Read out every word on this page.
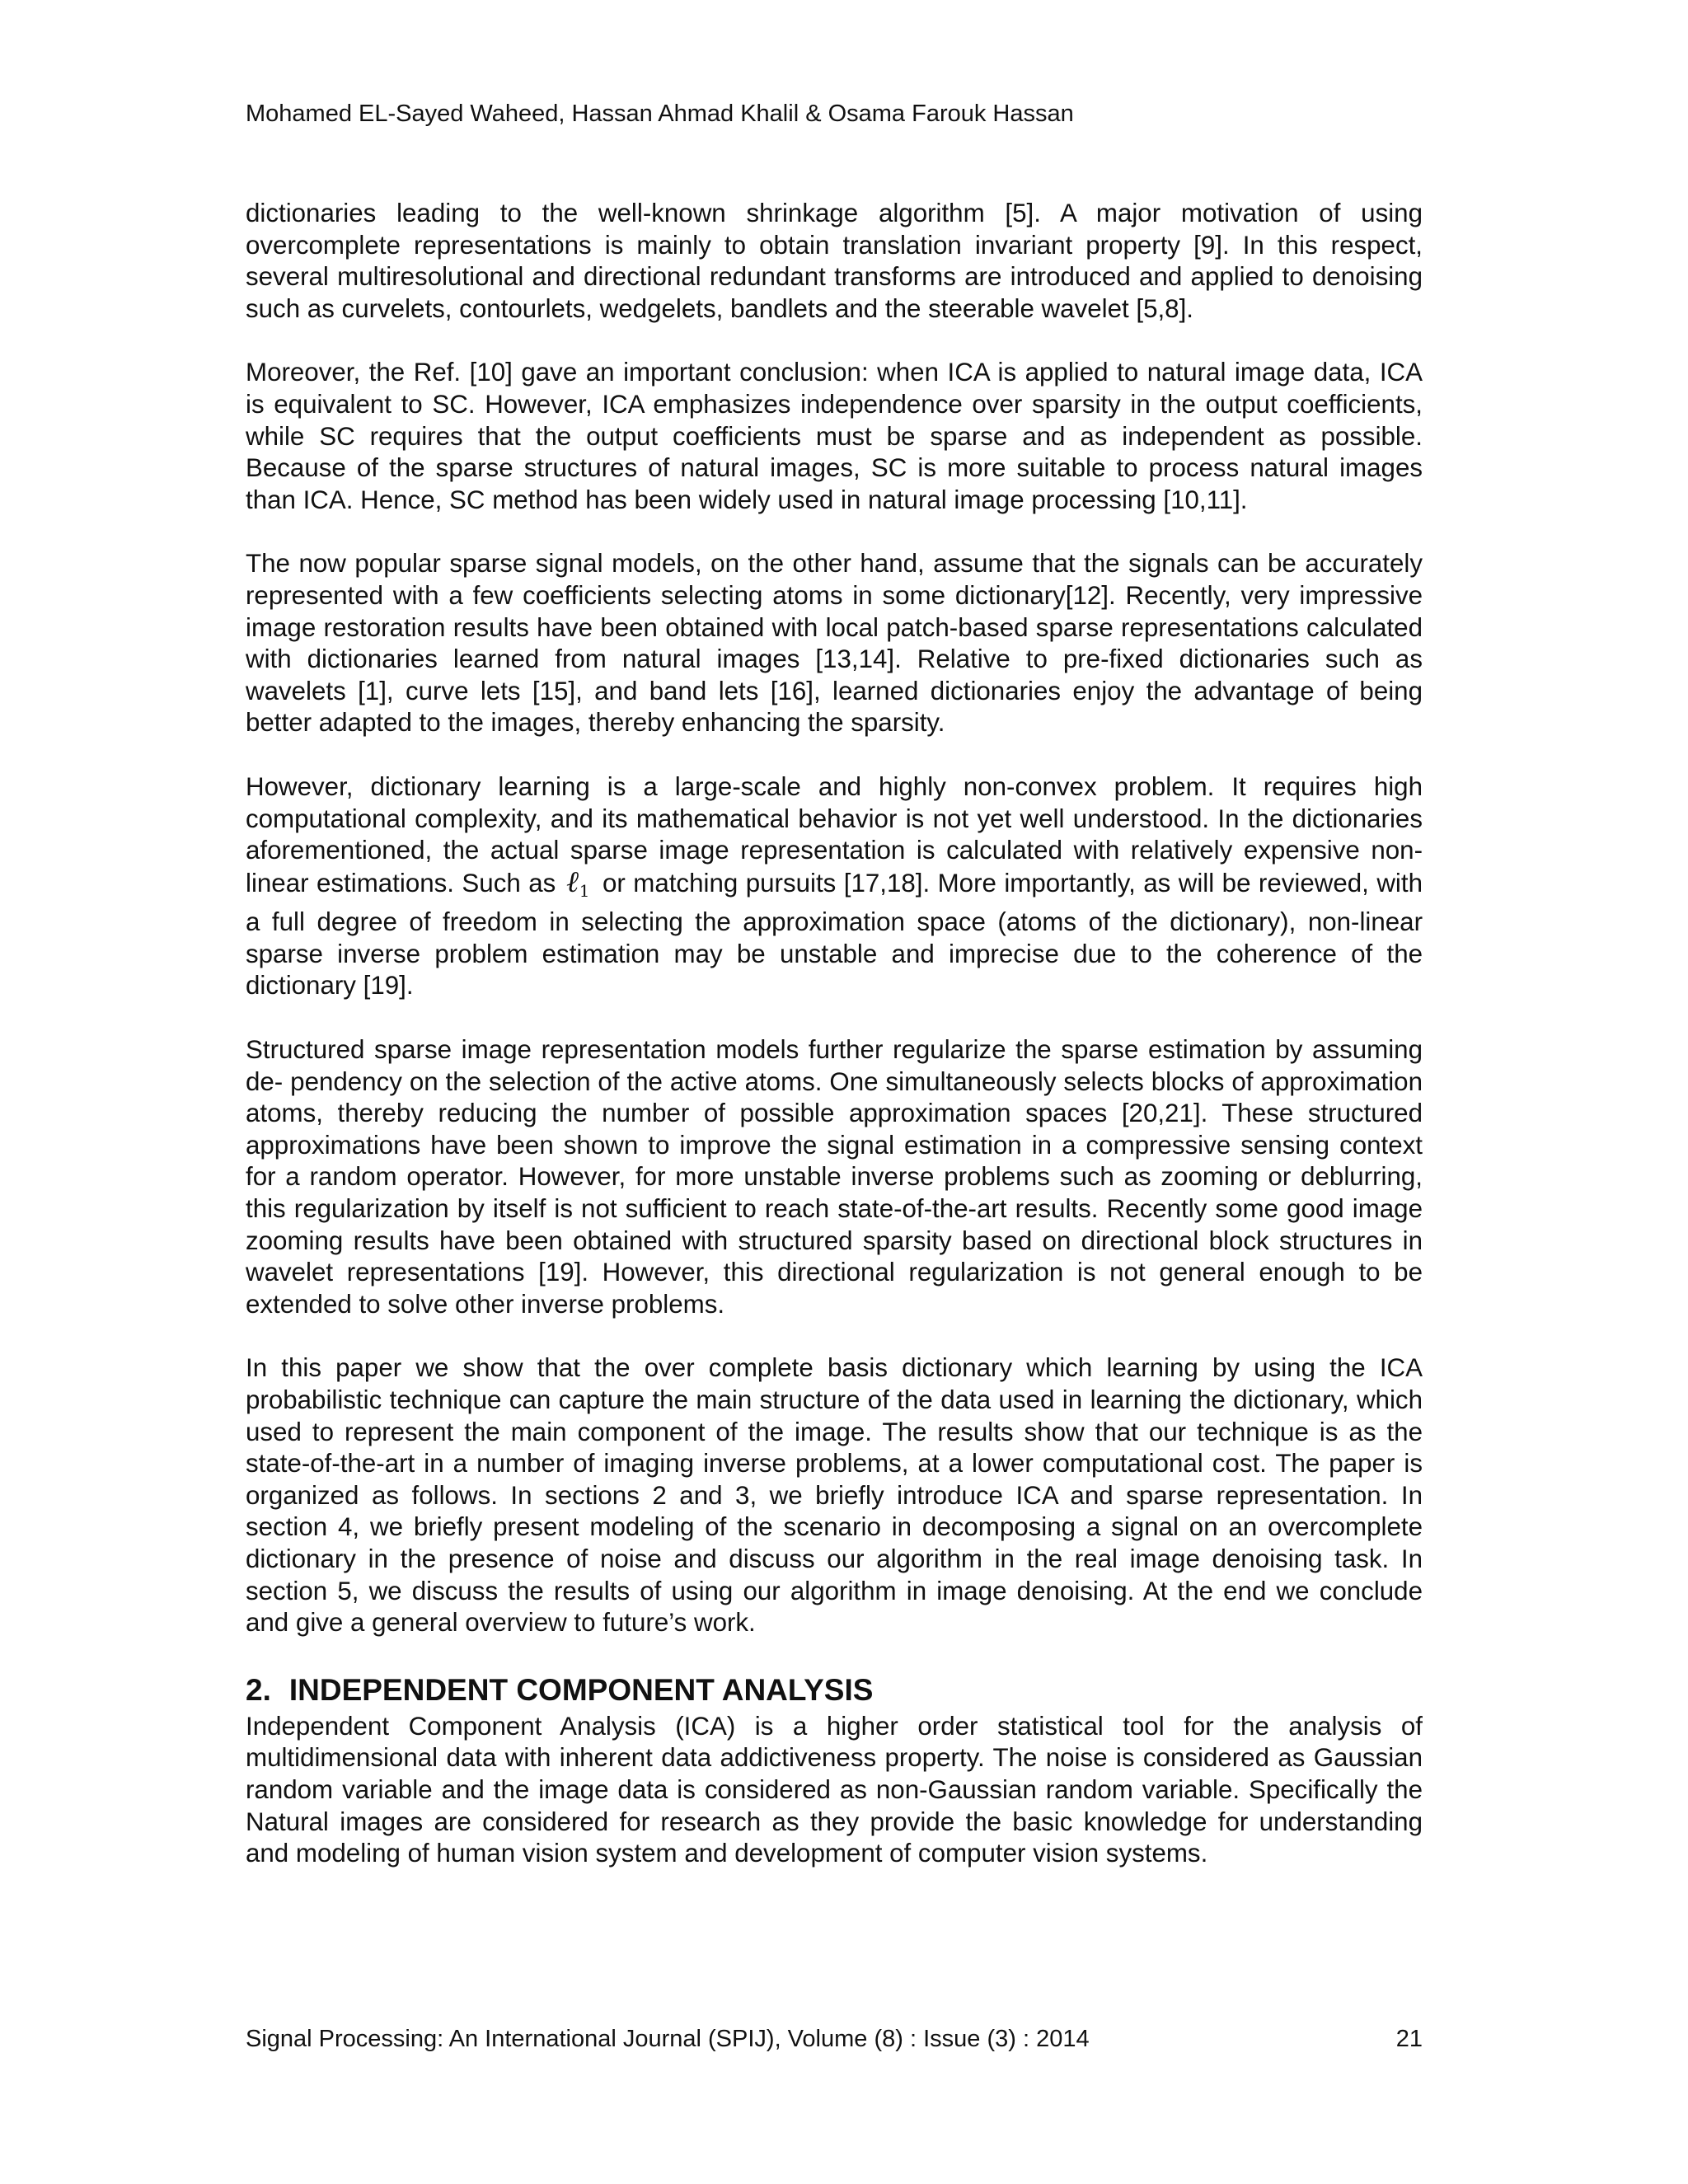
Mohamed EL-Sayed Waheed, Hassan Ahmad Khalil & Osama Farouk Hassan

dictionaries leading to the well-known shrinkage algorithm [5]. A major motivation of using overcomplete representations is mainly to obtain translation invariant property [9]. In this respect, several multiresolutional and directional redundant transforms are introduced and applied to denoising such as curvelets, contourlets, wedgelets, bandlets and the steerable wavelet [5,8].

Moreover, the Ref. [10] gave an important conclusion: when ICA is applied to natural image data, ICA is equivalent to SC. However, ICA emphasizes independence over sparsity in the output coefficients, while SC requires that the output coefficients must be sparse and as independent as possible. Because of the sparse structures of natural images, SC is more suitable to process natural images than ICA. Hence, SC method has been widely used in natural image processing [10,11].

The now popular sparse signal models, on the other hand, assume that the signals can be accurately represented with a few coefficients selecting atoms in some dictionary[12]. Recently, very impressive image restoration results have been obtained with local patch-based sparse representations calculated with dictionaries learned from natural images [13,14]. Relative to pre-fixed dictionaries such as wavelets [1], curve lets [15], and band lets [16], learned dictionaries enjoy the advantage of being better adapted to the images, thereby enhancing the sparsity.

However, dictionary learning is a large-scale and highly non-convex problem. It requires high computational complexity, and its mathematical behavior is not yet well understood. In the dictionaries aforementioned, the actual sparse image representation is calculated with relatively expensive non-linear estimations. Such as ℓ$_1$ or matching pursuits [17,18]. More importantly, as will be reviewed, with a full degree of freedom in selecting the approximation space (atoms of the dictionary), non-linear sparse inverse problem estimation may be unstable and imprecise due to the coherence of the dictionary [19].

Structured sparse image representation models further regularize the sparse estimation by assuming de- pendency on the selection of the active atoms. One simultaneously selects blocks of approximation atoms, thereby reducing the number of possible approximation spaces [20,21]. These structured approximations have been shown to improve the signal estimation in a compressive sensing context for a random operator. However, for more unstable inverse problems such as zooming or deblurring, this regularization by itself is not sufficient to reach state-of-the-art results. Recently some good image zooming results have been obtained with structured sparsity based on directional block structures in wavelet representations [19]. However, this directional regularization is not general enough to be extended to solve other inverse problems.

In this paper we show that the over complete basis dictionary which learning by using the ICA probabilistic technique can capture the main structure of the data used in learning the dictionary, which used to represent the main component of the image. The results show that our technique is as the state-of-the-art in a number of imaging inverse problems, at a lower computational cost. The paper is organized as follows. In sections 2 and 3, we briefly introduce ICA and sparse representation. In section 4, we briefly present modeling of the scenario in decomposing a signal on an overcomplete dictionary in the presence of noise and discuss our algorithm in the real image denoising task. In section 5, we discuss the results of using our algorithm in image denoising. At the end we conclude and give a general overview to future’s work.

2. INDEPENDENT COMPONENT ANALYSIS

Independent Component Analysis (ICA) is a higher order statistical tool for the analysis of multidimensional data with inherent data addictiveness property. The noise is considered as Gaussian random variable and the image data is considered as non-Gaussian random variable. Specifically the Natural images are considered for research as they provide the basic knowledge for understanding and modeling of human vision system and development of computer vision systems.

Signal Processing: An International Journal (SPIJ), Volume (8) : Issue (3) : 2014	21
